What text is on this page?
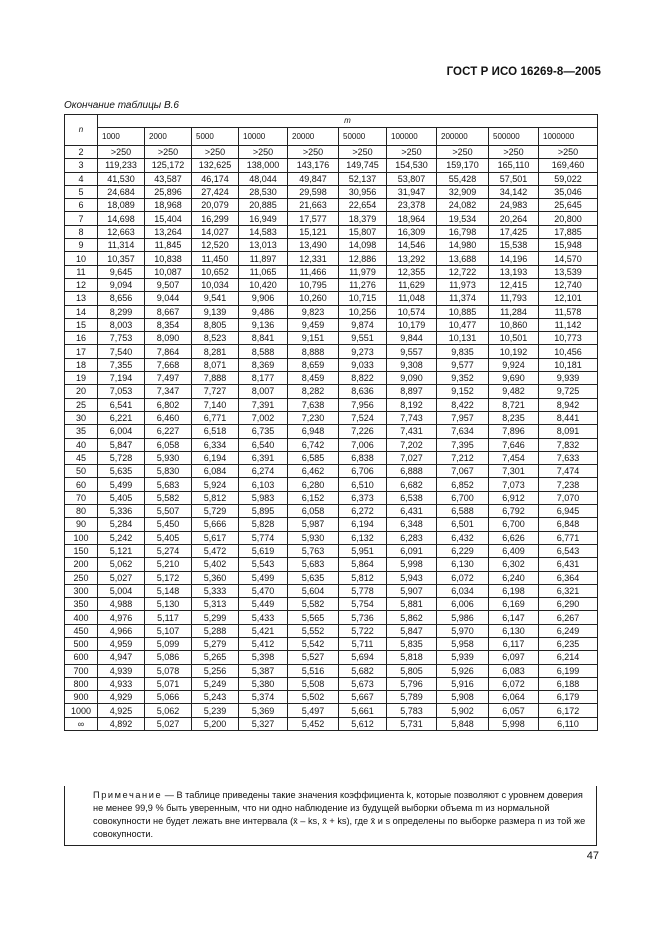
ГОСТ Р ИСО 16269-8—2005
Окончание таблицы В.6
n	m									
	1000	2000	5000	10000	20000	50000	100000	200000	500000	1000000
2	>250	>250	>250	>250	>250	>250	>250	>250	>250	>250
3	119,233	125,172	132,625	138,000	143,176	149,745	154,530	159,170	165,110	169,460
4	41,530	43,587	46,174	48,044	49,847	52,137	53,807	55,428	57,501	59,022
5	24,684	25,896	27,424	28,530	29,598	30,956	31,947	32,909	34,142	35,046
6	18,089	18,968	20,079	20,885	21,663	22,654	23,378	24,082	24,983	25,645
7	14,698	15,404	16,299	16,949	17,577	18,379	18,964	19,534	20,264	20,800
8	12,663	13,264	14,027	14,583	15,121	15,807	16,309	16,798	17,425	17,885
9	11,314	11,845	12,520	13,013	13,490	14,098	14,546	14,980	15,538	15,948
10	10,357	10,838	11,450	11,897	12,331	12,886	13,292	13,688	14,196	14,570
11	9,645	10,087	10,652	11,065	11,466	11,979	12,355	12,722	13,193	13,539
12	9,094	9,507	10,034	10,420	10,795	11,276	11,629	11,973	12,415	12,740
13	8,656	9,044	9,541	9,906	10,260	10,715	11,048	11,374	11,793	12,101
14	8,299	8,667	9,139	9,486	9,823	10,256	10,574	10,885	11,284	11,578
15	8,003	8,354	8,805	9,136	9,459	9,874	10,179	10,477	10,860	11,142
16	7,753	8,090	8,523	8,841	9,151	9,551	9,844	10,131	10,501	10,773
17	7,540	7,864	8,281	8,588	8,888	9,273	9,557	9,835	10,192	10,456
18	7,355	7,668	8,071	8,369	8,659	9,033	9,308	9,577	9,924	10,181
19	7,194	7,497	7,888	8,177	8,459	8,822	9,090	9,352	9,690	9,939
20	7,053	7,347	7,727	8,007	8,282	8,636	8,897	9,152	9,482	9,725
25	6,541	6,802	7,140	7,391	7,638	7,956	8,192	8,422	8,721	8,942
30	6,221	6,460	6,771	7,002	7,230	7,524	7,743	7,957	8,235	8,441
35	6,004	6,227	6,518	6,735	6,948	7,226	7,431	7,634	7,896	8,091
40	5,847	6,058	6,334	6,540	6,742	7,006	7,202	7,395	7,646	7,832
45	5,728	5,930	6,194	6,391	6,585	6,838	7,027	7,212	7,454	7,633
50	5,635	5,830	6,084	6,274	6,462	6,706	6,888	7,067	7,301	7,474
60	5,499	5,683	5,924	6,103	6,280	6,510	6,682	6,852	7,073	7,238
70	5,405	5,582	5,812	5,983	6,152	6,373	6,538	6,700	6,912	7,070
80	5,336	5,507	5,729	5,895	6,058	6,272	6,431	6,588	6,792	6,945
90	5,284	5,450	5,666	5,828	5,987	6,194	6,348	6,501	6,700	6,848
100	5,242	5,405	5,617	5,774	5,930	6,132	6,283	6,432	6,626	6,771
150	5,121	5,274	5,472	5,619	5,763	5,951	6,091	6,229	6,409	6,543
200	5,062	5,210	5,402	5,543	5,683	5,864	5,998	6,130	6,302	6,431
250	5,027	5,172	5,360	5,499	5,635	5,812	5,943	6,072	6,240	6,364
300	5,004	5,148	5,333	5,470	5,604	5,778	5,907	6,034	6,198	6,321
350	4,988	5,130	5,313	5,449	5,582	5,754	5,881	6,006	6,169	6,290
400	4,976	5,117	5,299	5,433	5,565	5,736	5,862	5,986	6,147	6,267
450	4,966	5,107	5,288	5,421	5,552	5,722	5,847	5,970	6,130	6,249
500	4,959	5,099	5,279	5,412	5,542	5,711	5,835	5,958	6,117	6,235
600	4,947	5,086	5,265	5,398	5,527	5,694	5,818	5,939	6,097	6,214
700	4,939	5,078	5,256	5,387	5,516	5,682	5,805	5,926	6,083	6,199
800	4,933	5,071	5,249	5,380	5,508	5,673	5,796	5,916	6,072	6,188
900	4,929	5,066	5,243	5,374	5,502	5,667	5,789	5,908	6,064	6,179
1000	4,925	5,062	5,239	5,369	5,497	5,661	5,783	5,902	6,057	6,172
∞	4,892	5,027	5,200	5,327	5,452	5,612	5,731	5,848	5,998	6,110
Примечание — В таблице приведены такие значения коэффициента k, которые позволяют с уровнем доверия не менее 99,9 % быть уверенным, что ни одно наблюдение из будущей выборки объема m из нормальной совокупности не будет лежать вне интервала (x̄ – ks, x̄ + ks), где x̄ и s определены по выборке размера n из той же совокупности.
47
